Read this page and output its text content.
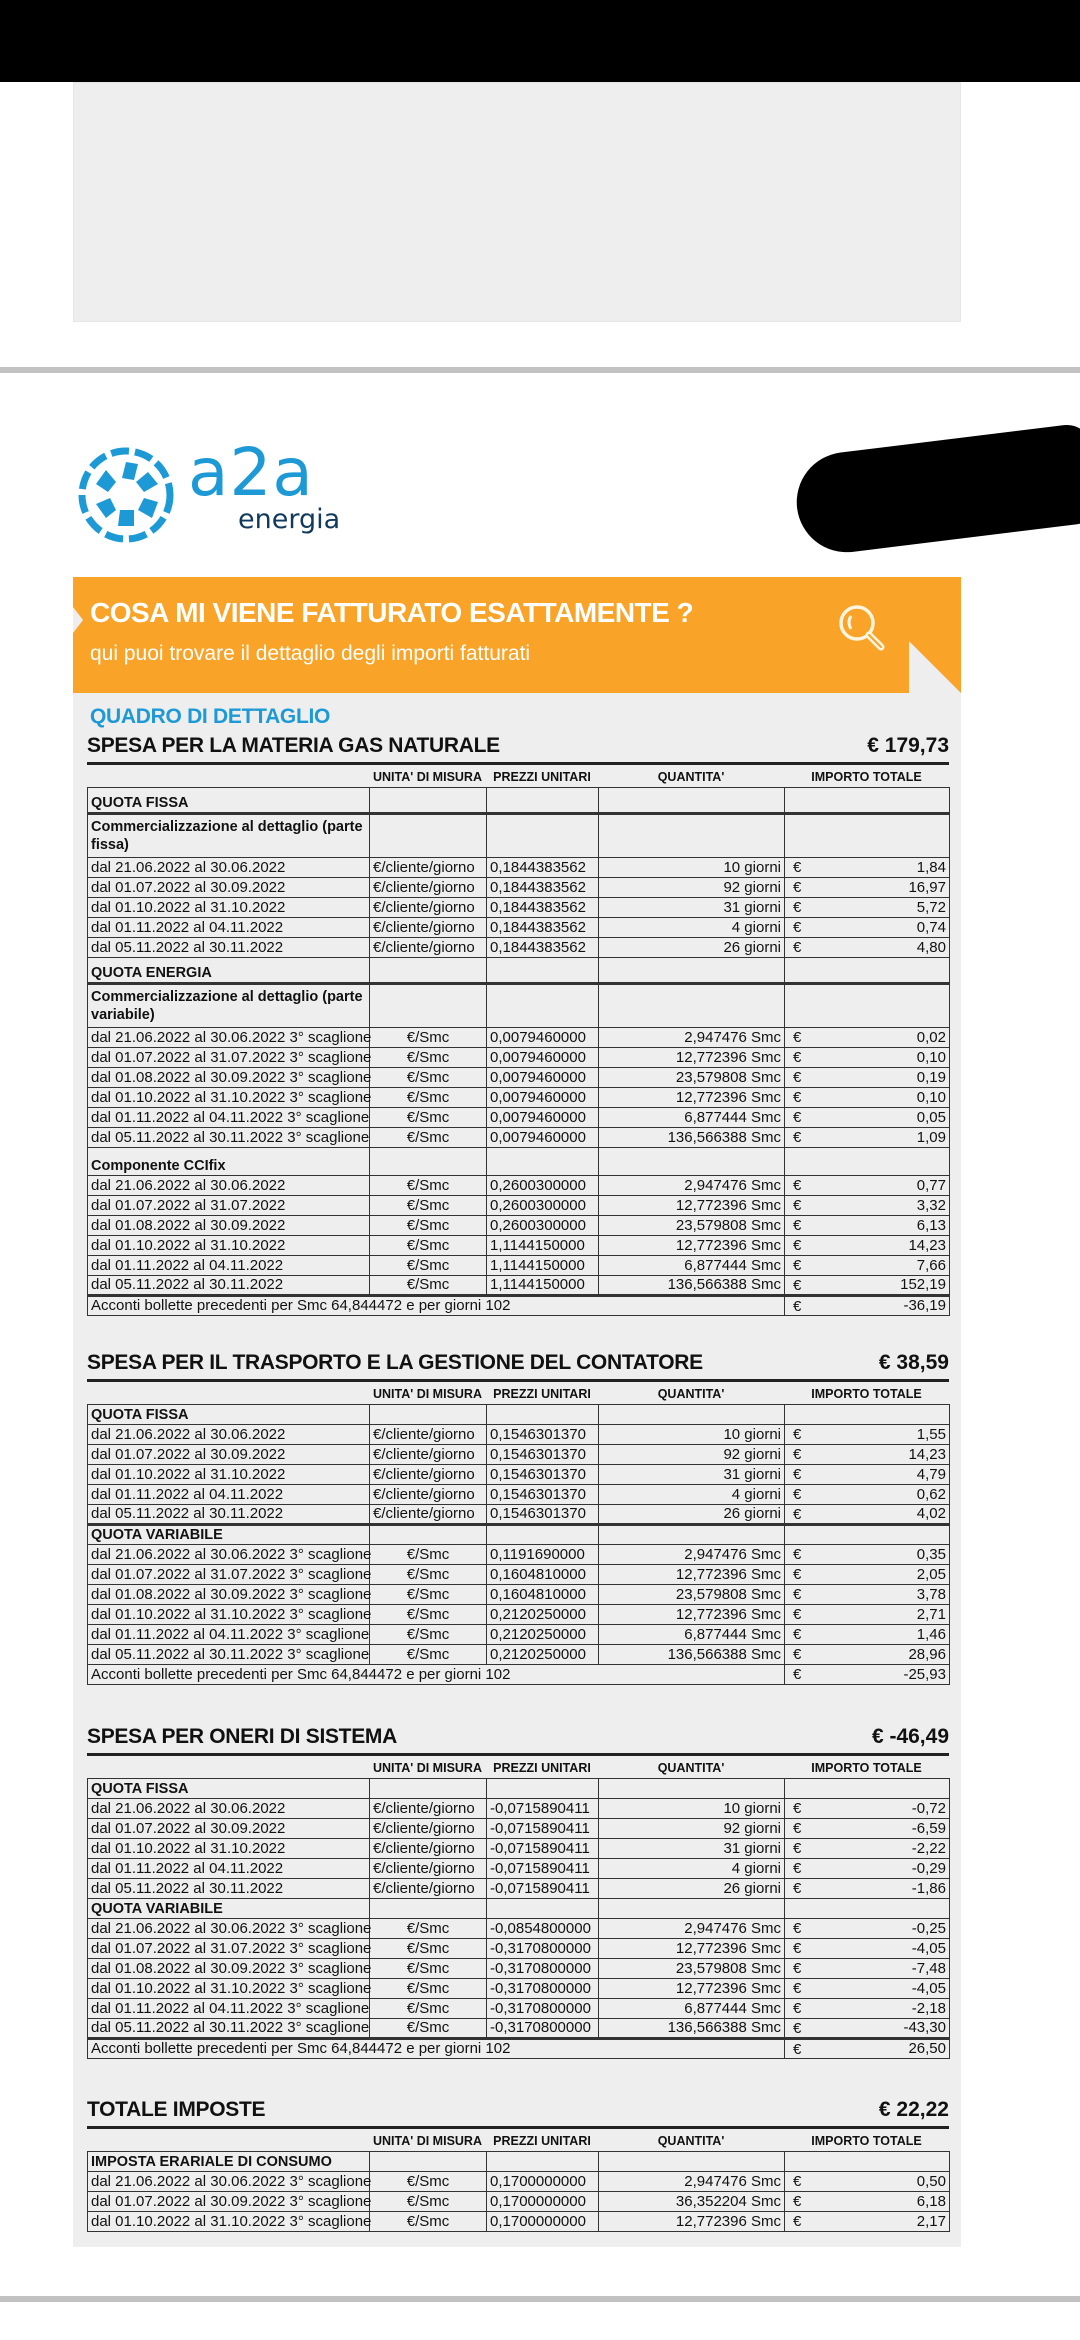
a2a
energia
COSA MI VIENE FATTURATO ESATTAMENTE ?
qui puoi trovare il dettaglio degli importi fatturati
QUADRO DI DETTAGLIO
SPESA PER LA MATERIA GAS NATURALE	€ 179,73
UNITA' DI MISURA PREZZI UNITARI	QUANTITA'	IMPORTO TOTALE
QUOTA FISSA				
Commercializzazione al dettaglio (parte fissa)				
dal 21.06.2022 al 30.06.2022	€/cliente/giorno	0,1844383562	10 giorni	€ 1,84
dal 01.07.2022 al 30.09.2022	€/cliente/giorno	0,1844383562	92 giorni	€ 16,97
dal 01.10.2022 al 31.10.2022	€/cliente/giorno	0,1844383562	31 giorni	€ 5,72
dal 01.11.2022 al 04.11.2022	€/cliente/giorno	0,1844383562	4 giorni	€ 0,74
dal 05.11.2022 al 30.11.2022	€/cliente/giorno	0,1844383562	26 giorni	€ 4,80
QUOTA ENERGIA				
Commercializzazione al dettaglio (parte variabile)				
dal 21.06.2022 al 30.06.2022 3° scaglione	€/Smc	0,0079460000	2,947476 Smc	€ 0,02
dal 01.07.2022 al 31.07.2022 3° scaglione	€/Smc	0,0079460000	12,772396 Smc	€ 0,10
dal 01.08.2022 al 30.09.2022 3° scaglione	€/Smc	0,0079460000	23,579808 Smc	€ 0,19
dal 01.10.2022 al 31.10.2022 3° scaglione	€/Smc	0,0079460000	12,772396 Smc	€ 0,10
dal 01.11.2022 al 04.11.2022 3° scaglione	€/Smc	0,0079460000	6,877444 Smc	€ 0,05
dal 05.11.2022 al 30.11.2022 3° scaglione	€/Smc	0,0079460000	136,566388 Smc	€ 1,09
Componente CCIfix				
dal 21.06.2022 al 30.06.2022	€/Smc	0,2600300000	2,947476 Smc	€ 0,77
dal 01.07.2022 al 31.07.2022	€/Smc	0,2600300000	12,772396 Smc	€ 3,32
dal 01.08.2022 al 30.09.2022	€/Smc	0,2600300000	23,579808 Smc	€ 6,13
dal 01.10.2022 al 31.10.2022	€/Smc	1,1144150000	12,772396 Smc	€ 14,23
dal 01.11.2022 al 04.11.2022	€/Smc	1,1144150000	6,877444 Smc	€ 7,66
dal 05.11.2022 al 30.11.2022	€/Smc	1,1144150000	136,566388 Smc	€ 152,19
Acconti bollette precedenti per Smc 64,844472 e per giorni 102				€ -36,19
SPESA PER IL TRASPORTO E LA GESTIONE DEL CONTATORE	€ 38,59
UNITA' DI MISURA PREZZI UNITARI	QUANTITA'	IMPORTO TOTALE
QUOTA FISSA				
dal 21.06.2022 al 30.06.2022	€/cliente/giorno	0,1546301370	10 giorni	€ 1,55
dal 01.07.2022 al 30.09.2022	€/cliente/giorno	0,1546301370	92 giorni	€ 14,23
dal 01.10.2022 al 31.10.2022	€/cliente/giorno	0,1546301370	31 giorni	€ 4,79
dal 01.11.2022 al 04.11.2022	€/cliente/giorno	0,1546301370	4 giorni	€ 0,62
dal 05.11.2022 al 30.11.2022	€/cliente/giorno	0,1546301370	26 giorni	€ 4,02
QUOTA VARIABILE				
dal 21.06.2022 al 30.06.2022 3° scaglione	€/Smc	0,1191690000	2,947476 Smc	€ 0,35
dal 01.07.2022 al 31.07.2022 3° scaglione	€/Smc	0,1604810000	12,772396 Smc	€ 2,05
dal 01.08.2022 al 30.09.2022 3° scaglione	€/Smc	0,1604810000	23,579808 Smc	€ 3,78
dal 01.10.2022 al 31.10.2022 3° scaglione	€/Smc	0,2120250000	12,772396 Smc	€ 2,71
dal 01.11.2022 al 04.11.2022 3° scaglione	€/Smc	0,2120250000	6,877444 Smc	€ 1,46
dal 05.11.2022 al 30.11.2022 3° scaglione	€/Smc	0,2120250000	136,566388 Smc	€ 28,96
Acconti bollette precedenti per Smc 64,844472 e per giorni 102				€ -25,93
SPESA PER ONERI DI SISTEMA	€ -46,49
UNITA' DI MISURA PREZZI UNITARI	QUANTITA'	IMPORTO TOTALE
QUOTA FISSA				
dal 21.06.2022 al 30.06.2022	€/cliente/giorno	-0,0715890411	10 giorni	€ -0,72
dal 01.07.2022 al 30.09.2022	€/cliente/giorno	-0,0715890411	92 giorni	€ -6,59
dal 01.10.2022 al 31.10.2022	€/cliente/giorno	-0,0715890411	31 giorni	€ -2,22
dal 01.11.2022 al 04.11.2022	€/cliente/giorno	-0,0715890411	4 giorni	€ -0,29
dal 05.11.2022 al 30.11.2022	€/cliente/giorno	-0,0715890411	26 giorni	€ -1,86
QUOTA VARIABILE				
dal 21.06.2022 al 30.06.2022 3° scaglione	€/Smc	-0,0854800000	2,947476 Smc	€ -0,25
dal 01.07.2022 al 31.07.2022 3° scaglione	€/Smc	-0,3170800000	12,772396 Smc	€ -4,05
dal 01.08.2022 al 30.09.2022 3° scaglione	€/Smc	-0,3170800000	23,579808 Smc	€ -7,48
dal 01.10.2022 al 31.10.2022 3° scaglione	€/Smc	-0,3170800000	12,772396 Smc	€ -4,05
dal 01.11.2022 al 04.11.2022 3° scaglione	€/Smc	-0,3170800000	6,877444 Smc	€ -2,18
dal 05.11.2022 al 30.11.2022 3° scaglione	€/Smc	-0,3170800000	136,566388 Smc	€ -43,30
Acconti bollette precedenti per Smc 64,844472 e per giorni 102				€ 26,50
TOTALE IMPOSTE	€ 22,22
UNITA' DI MISURA PREZZI UNITARI	QUANTITA'	IMPORTO TOTALE
IMPOSTA ERARIALE DI CONSUMO				
dal 21.06.2022 al 30.06.2022 3° scaglione	€/Smc	0,1700000000	2,947476 Smc	€ 0,50
dal 01.07.2022 al 30.09.2022 3° scaglione	€/Smc	0,1700000000	36,352204 Smc	€ 6,18
dal 01.10.2022 al 31.10.2022 3° scaglione	€/Smc	0,1700000000	12,772396 Smc	€ 2,17
